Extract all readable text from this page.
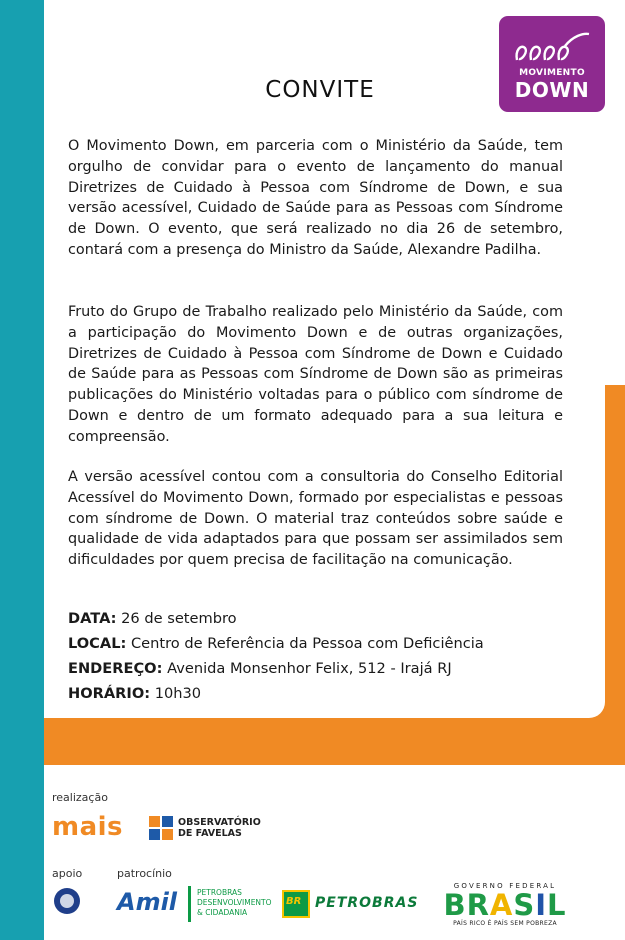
MOVIMENTO
DOWN
CONVITE

O Movimento Down, em parceria com o Ministério da Saúde, tem orgulho de convidar para o evento de lançamento do manual Diretrizes de Cuidado à Pessoa com Síndrome de Down, e sua versão acessível, Cuidado de Saúde para as Pessoas com Síndrome de Down. O evento, que será realizado no dia 26 de setembro, contará com a presença do Ministro da Saúde, Alexandre Padilha.

Fruto do Grupo de Trabalho realizado pelo Ministério da Saúde, com a participação do Movimento Down e de outras organizações, Diretrizes de Cuidado à Pessoa com Síndrome de Down e Cuidado de Saúde para as Pessoas com Síndrome de Down são as primeiras publicações do Ministério voltadas para o público com síndrome de Down e dentro de um formato adequado para a sua leitura e compreensão.

A versão acessível contou com a consultoria do Conselho Editorial Acessível do Movimento Down, formado por especialistas e pessoas com síndrome de Down. O material traz conteúdos sobre saúde e qualidade de vida adaptados para que possam ser assimilados sem dificuldades por quem precisa de facilitação na comunicação.

DATA: 26 de setembro
LOCAL: Centro de Referência da Pessoa com Deficiência
ENDEREÇO: Avenida Monsenhor Felix, 512 - Irajá RJ
HORÁRIO: 10h30
realização
apoio	patrocínio
mais	OBSERVATÓRIO
DE FAVELAS
Amil	PETROBRAS
DESENVOLVIMENTO
& CIDADANIA
BR PETROBRAS
GOVERNO FEDERAL
BRASIL
PAÍS RICO É PAÍS SEM POBREZA
